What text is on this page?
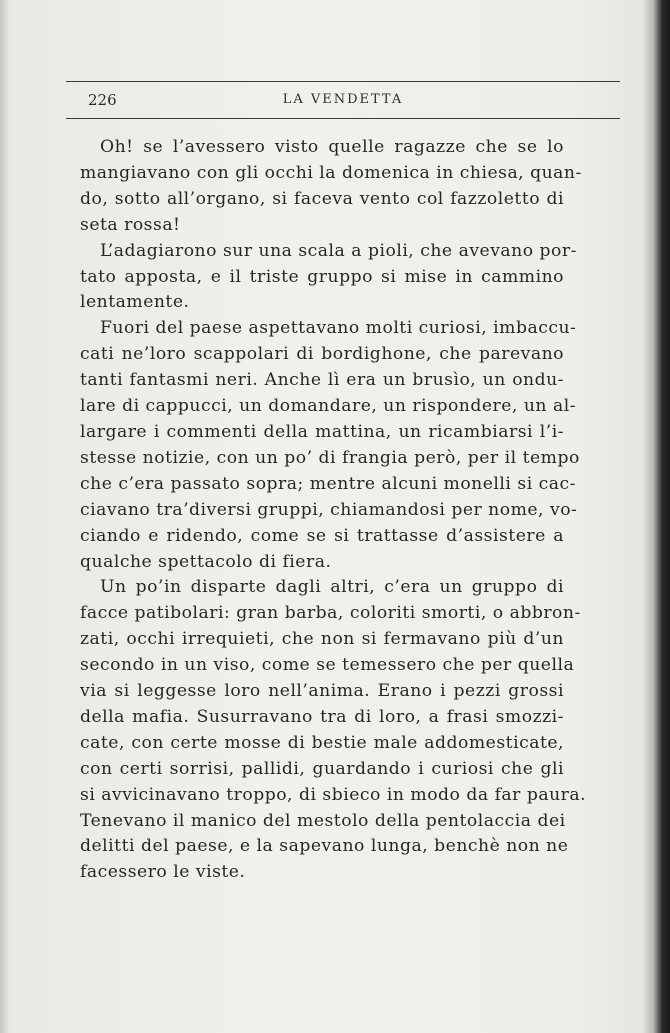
226	LA VENDETTA
Oh! se l’avessero visto quelle ragazze che se lo
mangiavano con gli occhi la domenica in chiesa, quan-
do, sotto all’organo, si faceva vento col fazzoletto di
seta rossa!
L’adagiarono sur una scala a pioli, che avevano por-
tato apposta, e il triste gruppo si mise in cammino
lentamente.
Fuori del paese aspettavano molti curiosi, imbaccu-
cati ne’loro scappolari di bordighone, che parevano
tanti fantasmi neri. Anche lì era un brusìo, un ondu-
lare di cappucci, un domandare, un rispondere, un al-
largare i commenti della mattina, un ricambiarsi l’i-
stesse notizie, con un po’ di frangia però, per il tempo
che c’era passato sopra; mentre alcuni monelli si cac-
ciavano tra’diversi gruppi, chiamandosi per nome, vo-
ciando e ridendo, come se si trattasse d’assistere a
qualche spettacolo di fiera.
Un po’in disparte dagli altri, c’era un gruppo di
facce patibolari: gran barba, coloriti smorti, o abbron-
zati, occhi irrequieti, che non si fermavano più d’un
secondo in un viso, come se temessero che per quella
via si leggesse loro nell’anima. Erano i pezzi grossi
della mafia. Susurravano tra di loro, a frasi smozzi-
cate, con certe mosse di bestie male addomesticate,
con certi sorrisi, pallidi, guardando i curiosi che gli
si avvicinavano troppo, di sbieco in modo da far paura.
Tenevano il manico del mestolo della pentolaccia dei
delitti del paese, e la sapevano lunga, benchè non ne
facessero le viste.
